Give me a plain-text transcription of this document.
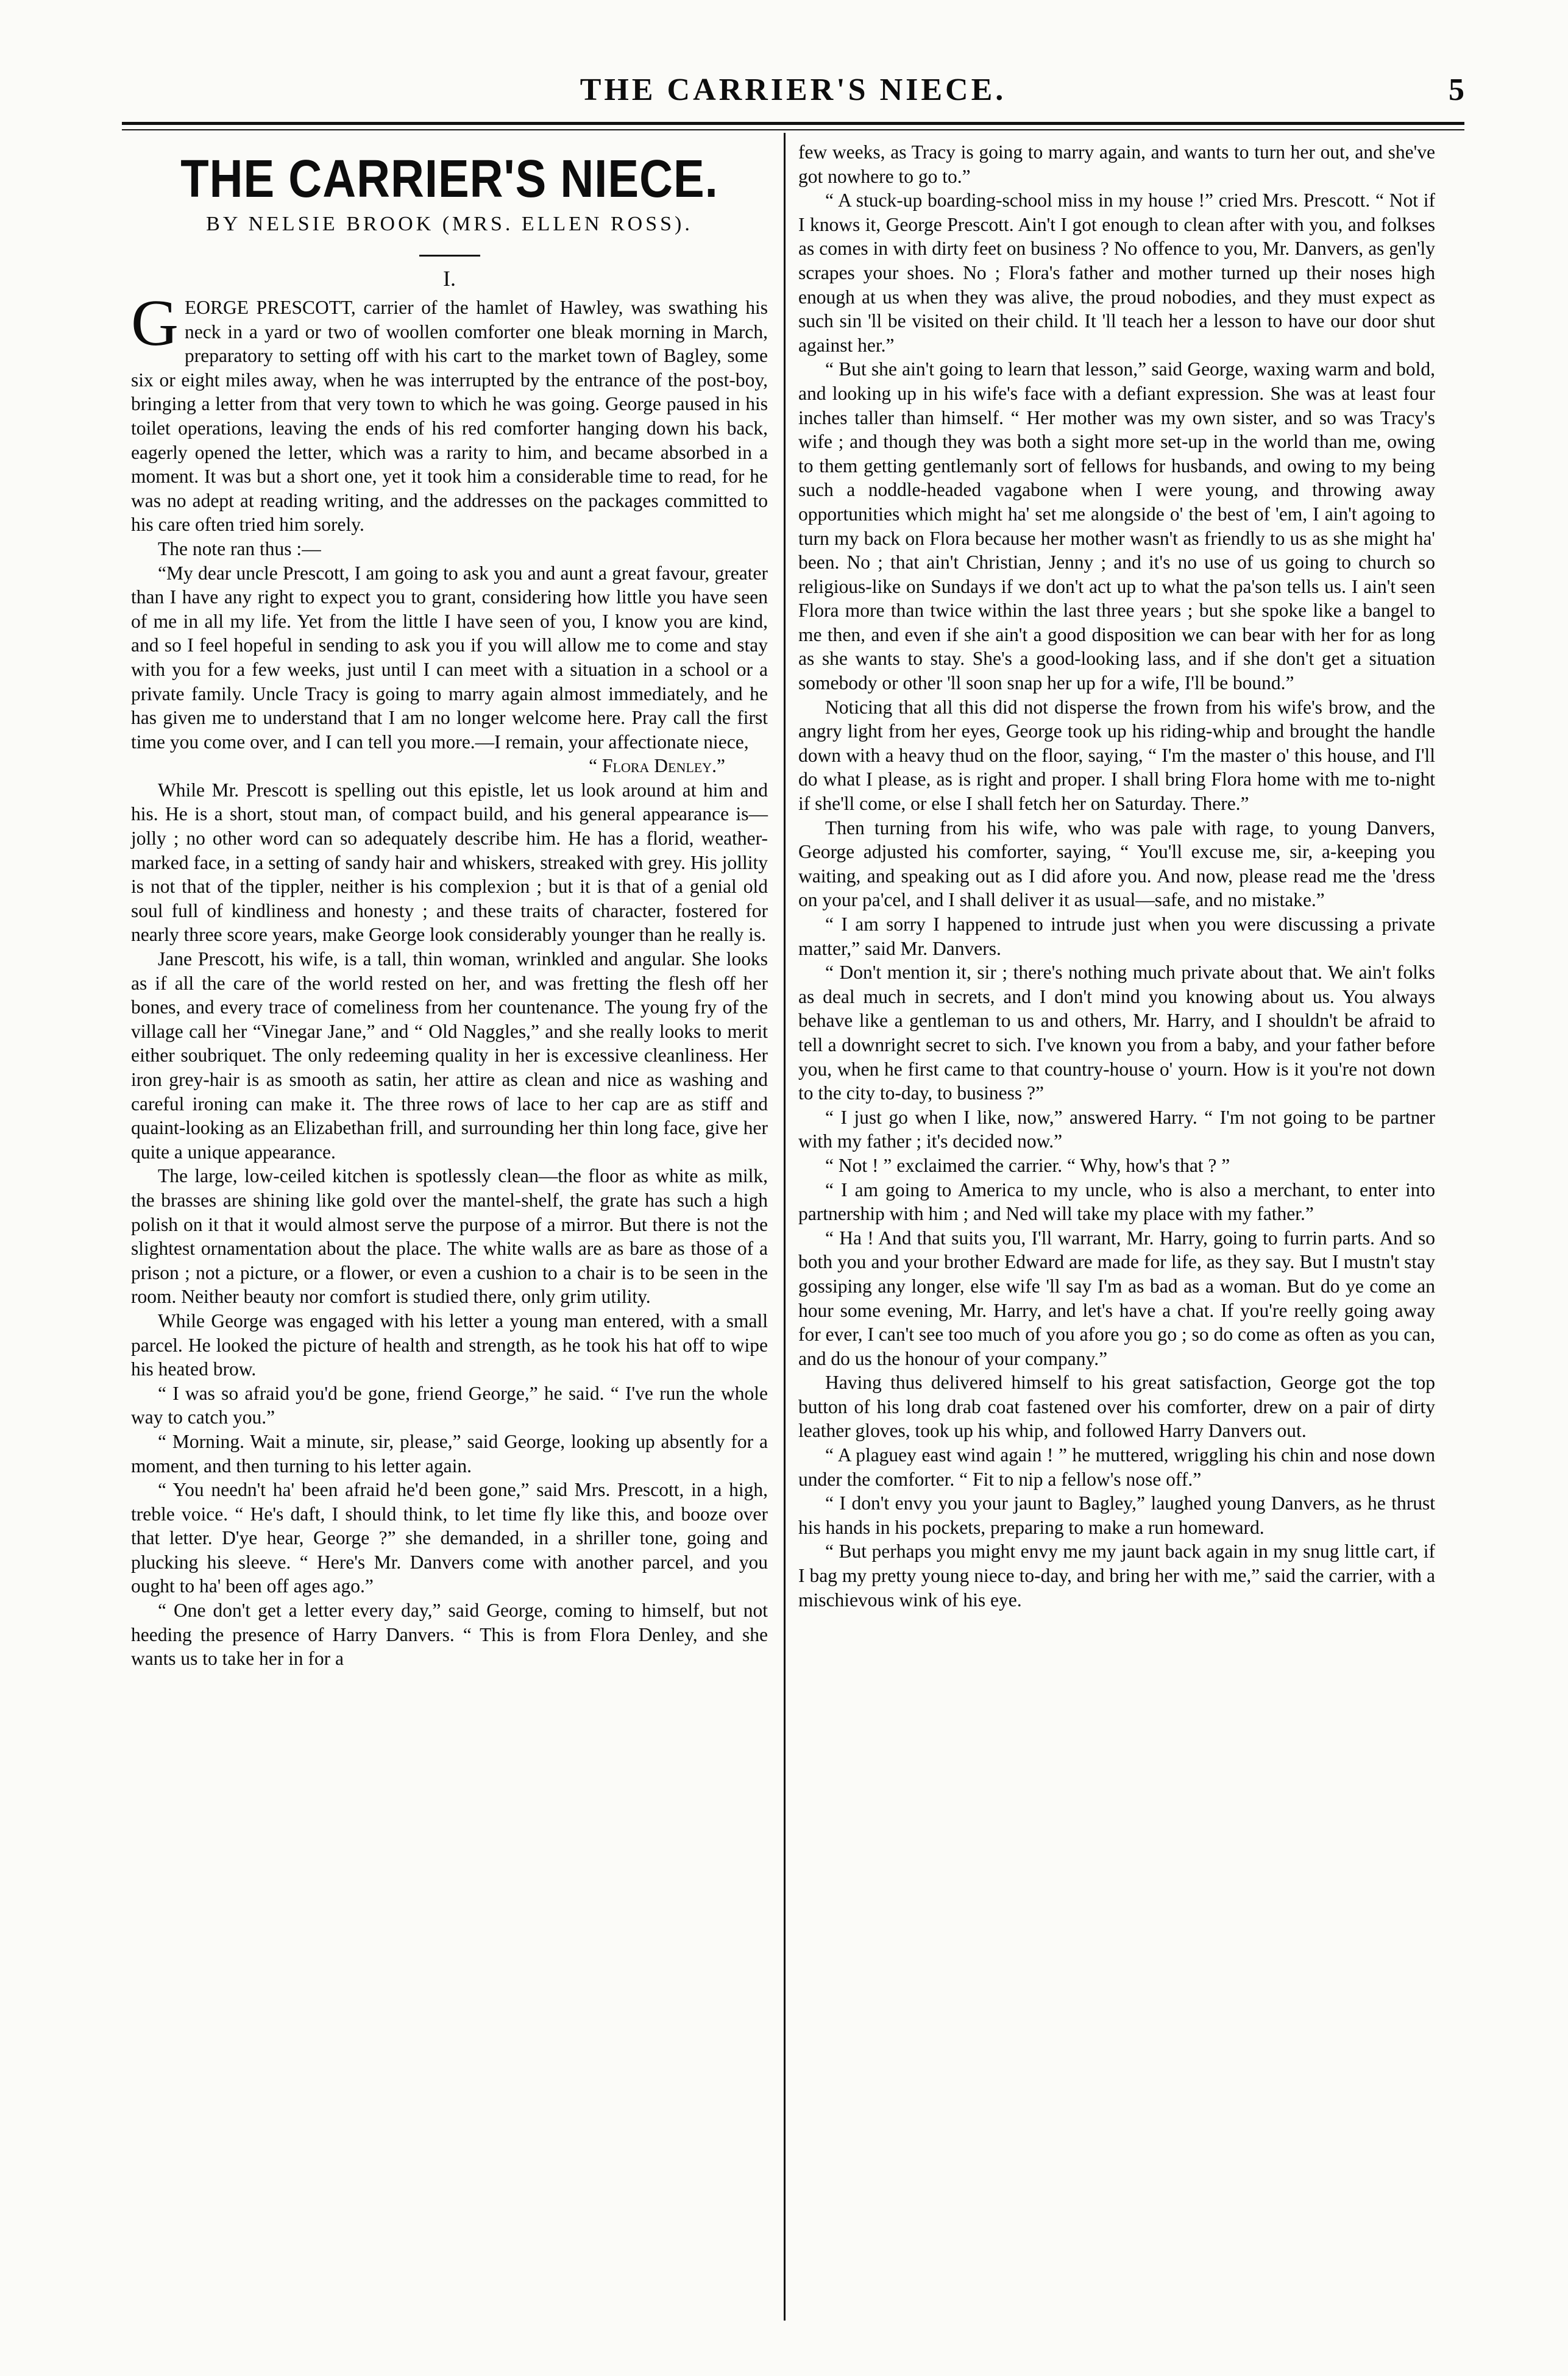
THE CARRIER'S NIECE.	5
THE CARRIER'S NIECE.
BY NELSIE BROOK (MRS. ELLEN ROSS).
I.

GEORGE PRESCOTT, carrier of the hamlet of Hawley, was swathing his neck in a yard or two of woollen comforter one bleak morning in March, preparatory to setting off with his cart to the market town of Bagley, some six or eight miles away, when he was interrupted by the entrance of the post-boy, bringing a letter from that very town to which he was going. George paused in his toilet operations, leaving the ends of his red comforter hanging down his back, eagerly opened the letter, which was a rarity to him, and became absorbed in a moment. It was but a short one, yet it took him a considerable time to read, for he was no adept at reading writing, and the addresses on the packages committed to his care often tried him sorely.

The note ran thus :—

“My dear uncle Prescott, I am going to ask you and aunt a great favour, greater than I have any right to expect you to grant, considering how little you have seen of me in all my life. Yet from the little I have seen of you, I know you are kind, and so I feel hopeful in sending to ask you if you will allow me to come and stay with you for a few weeks, just until I can meet with a situation in a school or a private family. Uncle Tracy is going to marry again almost immediately, and he has given me to understand that I am no longer welcome here. Pray call the first time you come over, and I can tell you more.—I remain, your affectionate niece,

“ Flora Denley.”

While Mr. Prescott is spelling out this epistle, let us look around at him and his. He is a short, stout man, of compact build, and his general appearance is—jolly ; no other word can so adequately describe him. He has a florid, weather-marked face, in a setting of sandy hair and whiskers, streaked with grey. His jollity is not that of the tippler, neither is his complexion ; but it is that of a genial old soul full of kindliness and honesty ; and these traits of character, fostered for nearly three score years, make George look considerably younger than he really is.

Jane Prescott, his wife, is a tall, thin woman, wrinkled and angular. She looks as if all the care of the world rested on her, and was fretting the flesh off her bones, and every trace of comeliness from her countenance. The young fry of the village call her “Vinegar Jane,” and “ Old Naggles,” and she really looks to merit either soubriquet. The only redeeming quality in her is excessive cleanliness. Her iron grey-hair is as smooth as satin, her attire as clean and nice as washing and careful ironing can make it. The three rows of lace to her cap are as stiff and quaint-looking as an Elizabethan frill, and surrounding her thin long face, give her quite a unique appearance.

The large, low-ceiled kitchen is spotlessly clean—the floor as white as milk, the brasses are shining like gold over the mantel-shelf, the grate has such a high polish on it that it would almost serve the purpose of a mirror. But there is not the slightest ornamentation about the place. The white walls are as bare as those of a prison ; not a picture, or a flower, or even a cushion to a chair is to be seen in the room. Neither beauty nor comfort is studied there, only grim utility.

While George was engaged with his letter a young man entered, with a small parcel. He looked the picture of health and strength, as he took his hat off to wipe his heated brow.

“ I was so afraid you'd be gone, friend George,” he said. “ I've run the whole way to catch you.”

“ Morning. Wait a minute, sir, please,” said George, looking up absently for a moment, and then turning to his letter again.

“ You needn't ha' been afraid he'd been gone,” said Mrs. Prescott, in a high, treble voice. “ He's daft, I should think, to let time fly like this, and booze over that letter. D'ye hear, George ?” she demanded, in a shriller tone, going and plucking his sleeve. “ Here's Mr. Danvers come with another parcel, and you ought to ha' been off ages ago.”

“ One don't get a letter every day,” said George, coming to himself, but not heeding the presence of Harry Danvers. “ This is from Flora Denley, and she wants us to take her in for a

few weeks, as Tracy is going to marry again, and wants to turn her out, and she've got nowhere to go to.”

“ A stuck-up boarding-school miss in my house !” cried Mrs. Prescott. “ Not if I knows it, George Prescott. Ain't I got enough to clean after with you, and folkses as comes in with dirty feet on business ? No offence to you, Mr. Danvers, as gen'ly scrapes your shoes. No ; Flora's father and mother turned up their noses high enough at us when they was alive, the proud nobodies, and they must expect as such sin 'll be visited on their child. It 'll teach her a lesson to have our door shut against her.”

“ But she ain't going to learn that lesson,” said George, waxing warm and bold, and looking up in his wife's face with a defiant expression. She was at least four inches taller than himself. “ Her mother was my own sister, and so was Tracy's wife ; and though they was both a sight more set-up in the world than me, owing to them getting gentlemanly sort of fellows for husbands, and owing to my being such a noddle-headed vagabone when I were young, and throwing away opportunities which might ha' set me alongside o' the best of 'em, I ain't agoing to turn my back on Flora because her mother wasn't as friendly to us as she might ha' been. No ; that ain't Christian, Jenny ; and it's no use of us going to church so religious-like on Sundays if we don't act up to what the pa'son tells us. I ain't seen Flora more than twice within the last three years ; but she spoke like a bangel to me then, and even if she ain't a good disposition we can bear with her for as long as she wants to stay. She's a good-looking lass, and if she don't get a situation somebody or other 'll soon snap her up for a wife, I'll be bound.”

Noticing that all this did not disperse the frown from his wife's brow, and the angry light from her eyes, George took up his riding-whip and brought the handle down with a heavy thud on the floor, saying, “ I'm the master o' this house, and I'll do what I please, as is right and proper. I shall bring Flora home with me to-night if she'll come, or else I shall fetch her on Saturday. There.”

Then turning from his wife, who was pale with rage, to young Danvers, George adjusted his comforter, saying, “ You'll excuse me, sir, a-keeping you waiting, and speaking out as I did afore you. And now, please read me the 'dress on your pa'cel, and I shall deliver it as usual—safe, and no mistake.”

“ I am sorry I happened to intrude just when you were discussing a private matter,” said Mr. Danvers.

“ Don't mention it, sir ; there's nothing much private about that. We ain't folks as deal much in secrets, and I don't mind you knowing about us. You always behave like a gentleman to us and others, Mr. Harry, and I shouldn't be afraid to tell a downright secret to sich. I've known you from a baby, and your father before you, when he first came to that country-house o' yourn. How is it you're not down to the city to-day, to business ?”

“ I just go when I like, now,” answered Harry. “ I'm not going to be partner with my father ; it's decided now.”

“ Not ! ” exclaimed the carrier. “ Why, how's that ? ”

“ I am going to America to my uncle, who is also a merchant, to enter into partnership with him ; and Ned will take my place with my father.”

“ Ha ! And that suits you, I'll warrant, Mr. Harry, going to furrin parts. And so both you and your brother Edward are made for life, as they say. But I mustn't stay gossiping any longer, else wife 'll say I'm as bad as a woman. But do ye come an hour some evening, Mr. Harry, and let's have a chat. If you're reelly going away for ever, I can't see too much of you afore you go ; so do come as often as you can, and do us the honour of your company.”

Having thus delivered himself to his great satisfaction, George got the top button of his long drab coat fastened over his comforter, drew on a pair of dirty leather gloves, took up his whip, and followed Harry Danvers out.

“ A plaguey east wind again ! ” he muttered, wriggling his chin and nose down under the comforter. “ Fit to nip a fellow's nose off.”

“ I don't envy you your jaunt to Bagley,” laughed young Danvers, as he thrust his hands in his pockets, preparing to make a run homeward.

“ But perhaps you might envy me my jaunt back again in my snug little cart, if I bag my pretty young niece to-day, and bring her with me,” said the carrier, with a mischievous wink of his eye.
